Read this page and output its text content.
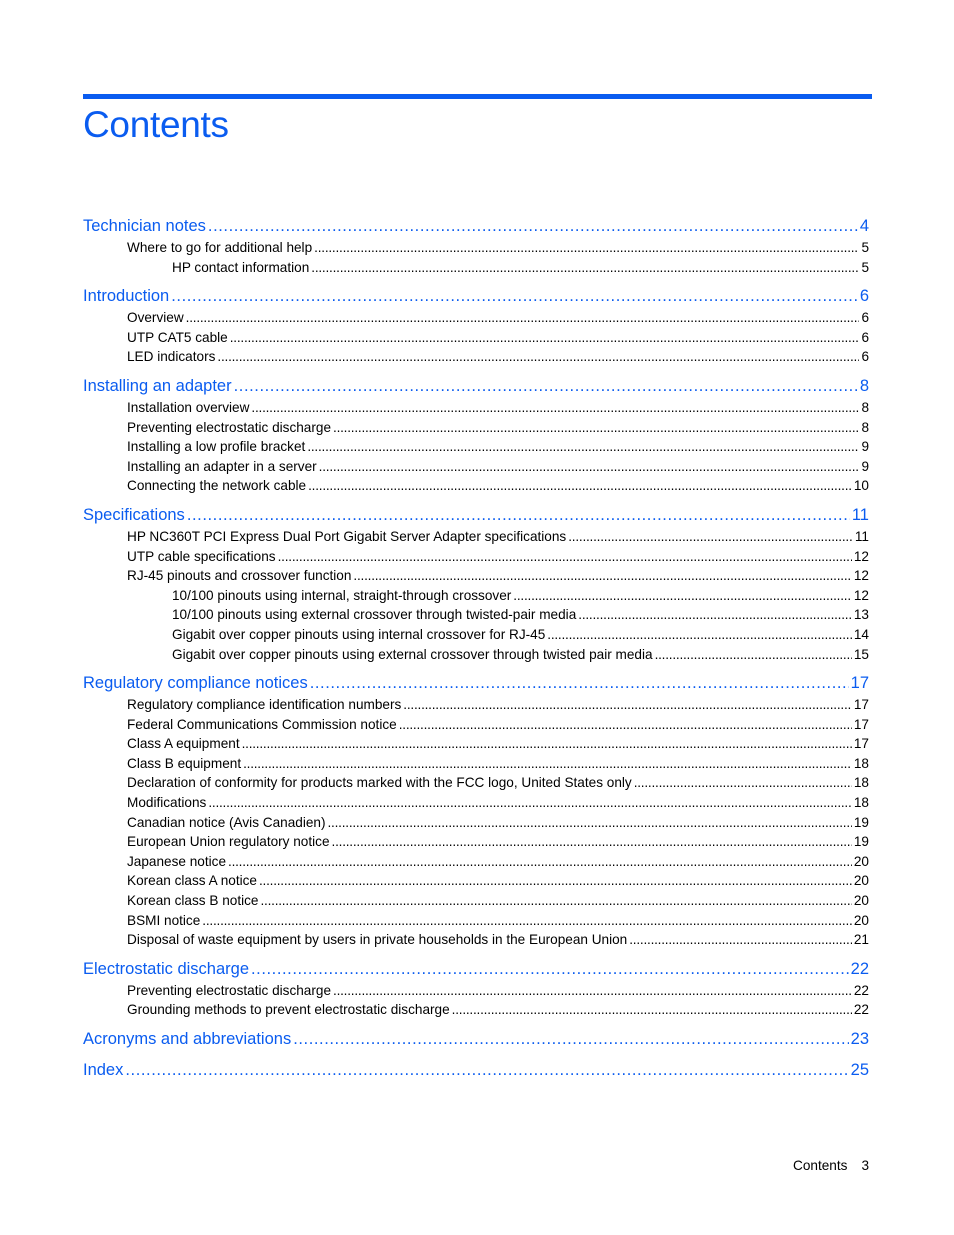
Contents
Technician notes . . .	4
Where to go for additional help . . .	5
HP contact information . . .	5
Introduction . . .	6
Overview . . .	6
UTP CAT5 cable . . .	6
LED indicators . . .	6
Installing an adapter . . .	8
Installation overview . . .	8
Preventing electrostatic discharge . . .	8
Installing a low profile bracket . . .	9
Installing an adapter in a server . . .	9
Connecting the network cable . . .	10
Specifications . . .	11
HP NC360T PCI Express Dual Port Gigabit Server Adapter specifications . . .	11
UTP cable specifications . . .	12
RJ-45 pinouts and crossover function . . .	12
10/100 pinouts using internal, straight-through crossover . . .	12
10/100 pinouts using external crossover through twisted-pair media . . .	13
Gigabit over copper pinouts using internal crossover for RJ-45 . . .	14
Gigabit over copper pinouts using external crossover through twisted pair media . . .	15
Regulatory compliance notices . . .	17
Regulatory compliance identification numbers . . .	17
Federal Communications Commission notice . . .	17
Class A equipment . . .	17
Class B equipment . . .	18
Declaration of conformity for products marked with the FCC logo, United States only . . .	18
Modifications . . .	18
Canadian notice (Avis Canadien) . . .	19
European Union regulatory notice . . .	19
Japanese notice . . .	20
Korean class A notice . . .	20
Korean class B notice . . .	20
BSMI notice . . .	20
Disposal of waste equipment by users in private households in the European Union . . .	21
Electrostatic discharge . . .	22
Preventing electrostatic discharge . . .	22
Grounding methods to prevent electrostatic discharge . . .	22
Acronyms and abbreviations . . .	23
Index . . .	25
Contents 3
